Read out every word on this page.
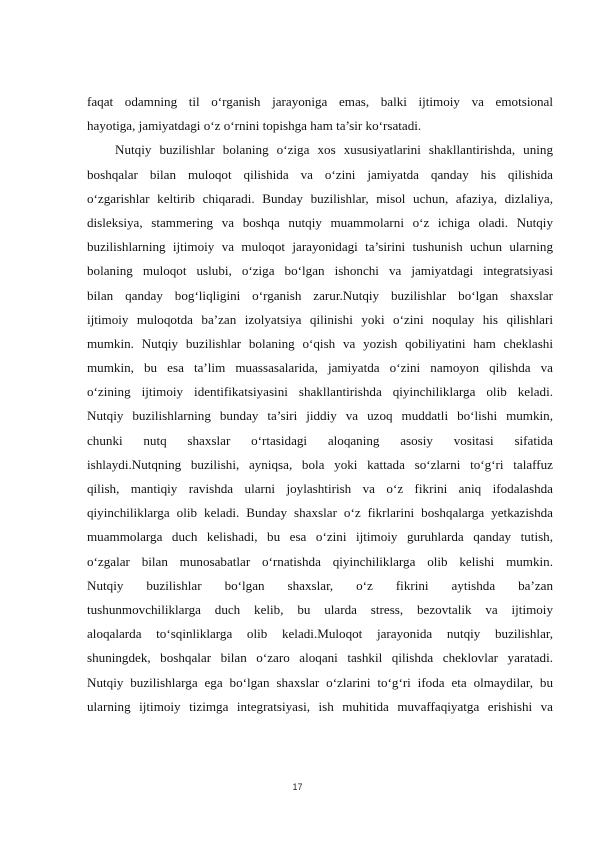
faqat odamning til o‘rganish jarayoniga emas, balki ijtimoiy va emotsional
hayotiga, jamiyatdagi o‘z o‘rnini topishga ham ta’sir ko‘rsatadi.
Nutqiy buzilishlar bolaning o‘ziga xos xususiyatlarini shakllantirishda, uning
boshqalar bilan muloqot qilishida va o‘zini jamiyatda qanday his qilishida
o‘zgarishlar keltirib chiqaradi. Bunday buzilishlar, misol uchun, afaziya, dizlaliya,
disleksiya, stammering va boshqa nutqiy muammolarni o‘z ichiga oladi. Nutqiy
buzilishlarning ijtimoiy va muloqot jarayonidagi ta’sirini tushunish uchun ularning
bolaning muloqot uslubi, o‘ziga bo‘lgan ishonchi va jamiyatdagi integratsiyasi
bilan qanday bog‘liqligini o‘rganish zarur.Nutqiy buzilishlar bo‘lgan shaxslar
ijtimoiy muloqotda ba’zan izolyatsiya qilinishi yoki o‘zini noqulay his qilishlari
mumkin. Nutqiy buzilishlar bolaning o‘qish va yozish qobiliyatini ham cheklashi
mumkin, bu esa ta’lim muassasalarida, jamiyatda o‘zini namoyon qilishda va
o‘zining ijtimoiy identifikatsiyasini shakllantirishda qiyinchiliklarga olib keladi.
Nutqiy buzilishlarning bunday ta’siri jiddiy va uzoq muddatli bo‘lishi mumkin,
chunki nutq shaxslar o‘rtasidagi aloqaning asosiy vositasi sifatida
ishlaydi.Nutqning buzilishi, ayniqsa, bola yoki kattada so‘zlarni to‘g‘ri talaffuz
qilish, mantiqiy ravishda ularni joylashtirish va o‘z fikrini aniq ifodalashda
qiyinchiliklarga olib keladi. Bunday shaxslar o‘z fikrlarini boshqalarga yetkazishda
muammolarga duch kelishadi, bu esa o‘zini ijtimoiy guruhlarda qanday tutish,
o‘zgalar bilan munosabatlar o‘rnatishda qiyinchiliklarga olib kelishi mumkin.
Nutqiy buzilishlar bo‘lgan shaxslar, o‘z fikrini aytishda ba’zan
tushunmovchiliklarga duch kelib, bu ularda stress, bezovtalik va ijtimoiy
aloqalarda to‘sqinliklarga olib keladi.Muloqot jarayonida nutqiy buzilishlar,
shuningdek, boshqalar bilan o‘zaro aloqani tashkil qilishda cheklovlar yaratadi.
Nutqiy buzilishlarga ega bo‘lgan shaxslar o‘zlarini to‘g‘ri ifoda eta olmaydilar, bu
ularning ijtimoiy tizimga integratsiyasi, ish muhitida muvaffaqiyatga erishishi va
17
